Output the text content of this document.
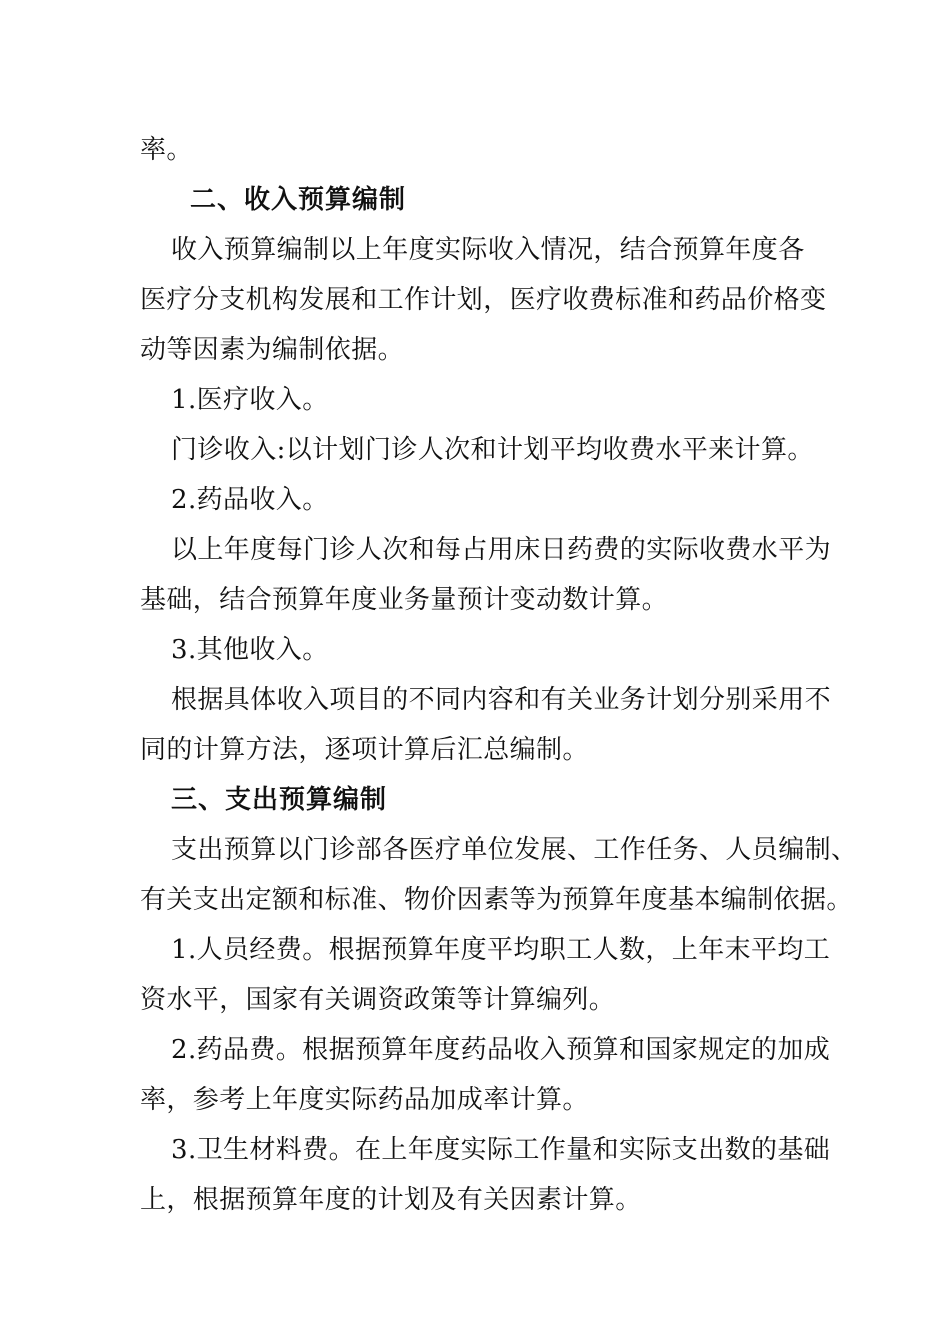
率。
二、收入预算编制
收入预算编制以上年度实际收入情况，结合预算年度各
医疗分支机构发展和工作计划，医疗收费标准和药品价格变
动等因素为编制依据。
1.医疗收入。
门诊收入:以计划门诊人次和计划平均收费水平来计算。
2.药品收入。
以上年度每门诊人次和每占用床日药费的实际收费水平为
基础，结合预算年度业务量预计变动数计算。
3.其他收入。
根据具体收入项目的不同内容和有关业务计划分别采用不
同的计算方法，逐项计算后汇总编制。
三、支出预算编制
支出预算以门诊部各医疗单位发展、工作任务、人员编制、
有关支出定额和标准、物价因素等为预算年度基本编制依据。
1.人员经费。根据预算年度平均职工人数，上年末平均工
资水平，国家有关调资政策等计算编列。
2.药品费。根据预算年度药品收入预算和国家规定的加成
率，参考上年度实际药品加成率计算。
3.卫生材料费。在上年度实际工作量和实际支出数的基础
上，根据预算年度的计划及有关因素计算。
